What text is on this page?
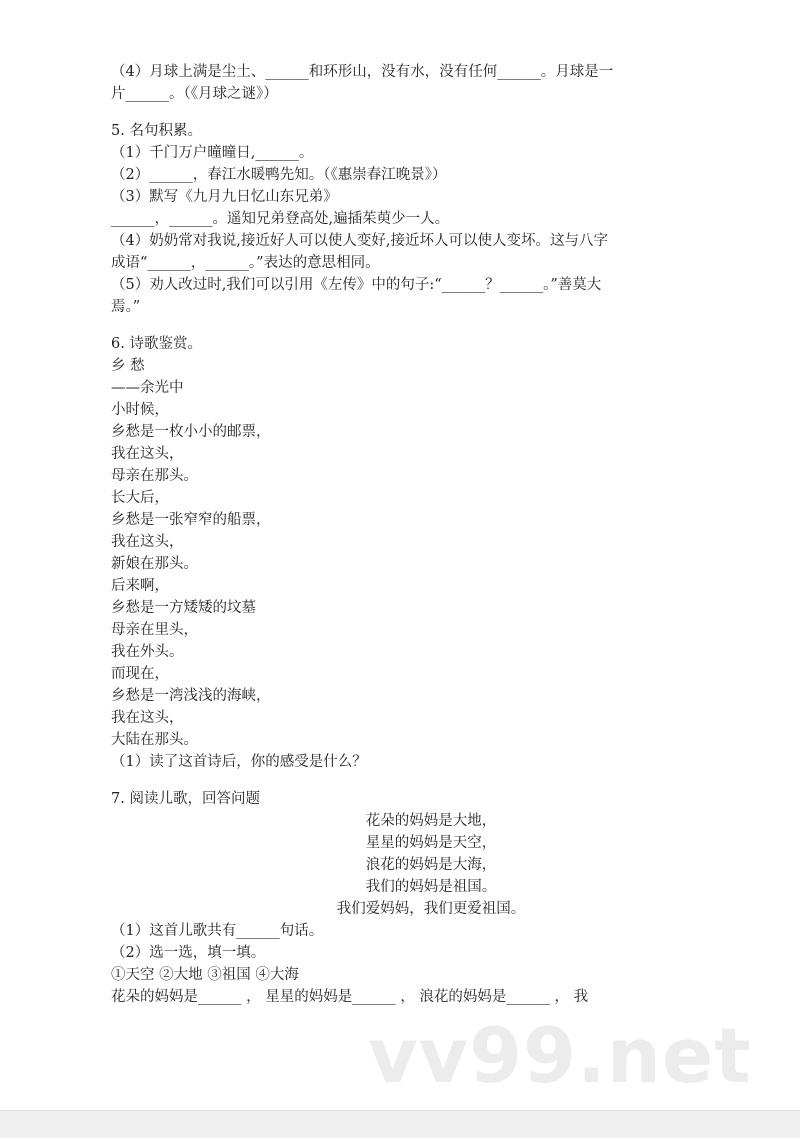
（4）月球上满是尘土、______和环形山，没有水，没有任何______。月球是一
片______。（《月球之谜》）
5. 名句积累。
（1）千门万户曈曈日,______。
（2）______，春江水暖鸭先知。（《惠崇春江晚景》）
（3）默写《九月九日忆山东兄弟》
______，______。遥知兄弟登高处,遍插茱萸少一人。
（4）奶奶常对我说,接近好人可以使人变好,接近坏人可以使人变坏。这与八字
成语“______，______。”表达的意思相同。
（5）劝人改过时,我们可以引用《左传》中的句子:“______？______。”善莫大
焉。”
6. 诗歌鉴赏。
乡 愁
——余光中
小时候，
乡愁是一枚小小的邮票，
我在这头，
母亲在那头。
长大后，
乡愁是一张窄窄的船票，
我在这头，
新娘在那头。
后来啊，
乡愁是一方矮矮的坟墓
母亲在里头，
我在外头。
而现在，
乡愁是一湾浅浅的海峡，
我在这头，
大陆在那头。
（1）读了这首诗后，你的感受是什么？
7. 阅读儿歌，回答问题
花朵的妈妈是大地，
星星的妈妈是天空，
浪花的妈妈是大海，
我们的妈妈是祖国。
我们爱妈妈，我们更爱祖国。
（1）这首儿歌共有______句话。
（2）选一选，填一填。
①天空 ②大地 ③祖国 ④大海
花朵的妈妈是______ ， 星星的妈妈是______ ， 浪花的妈妈是______ ， 我
vv99.net
